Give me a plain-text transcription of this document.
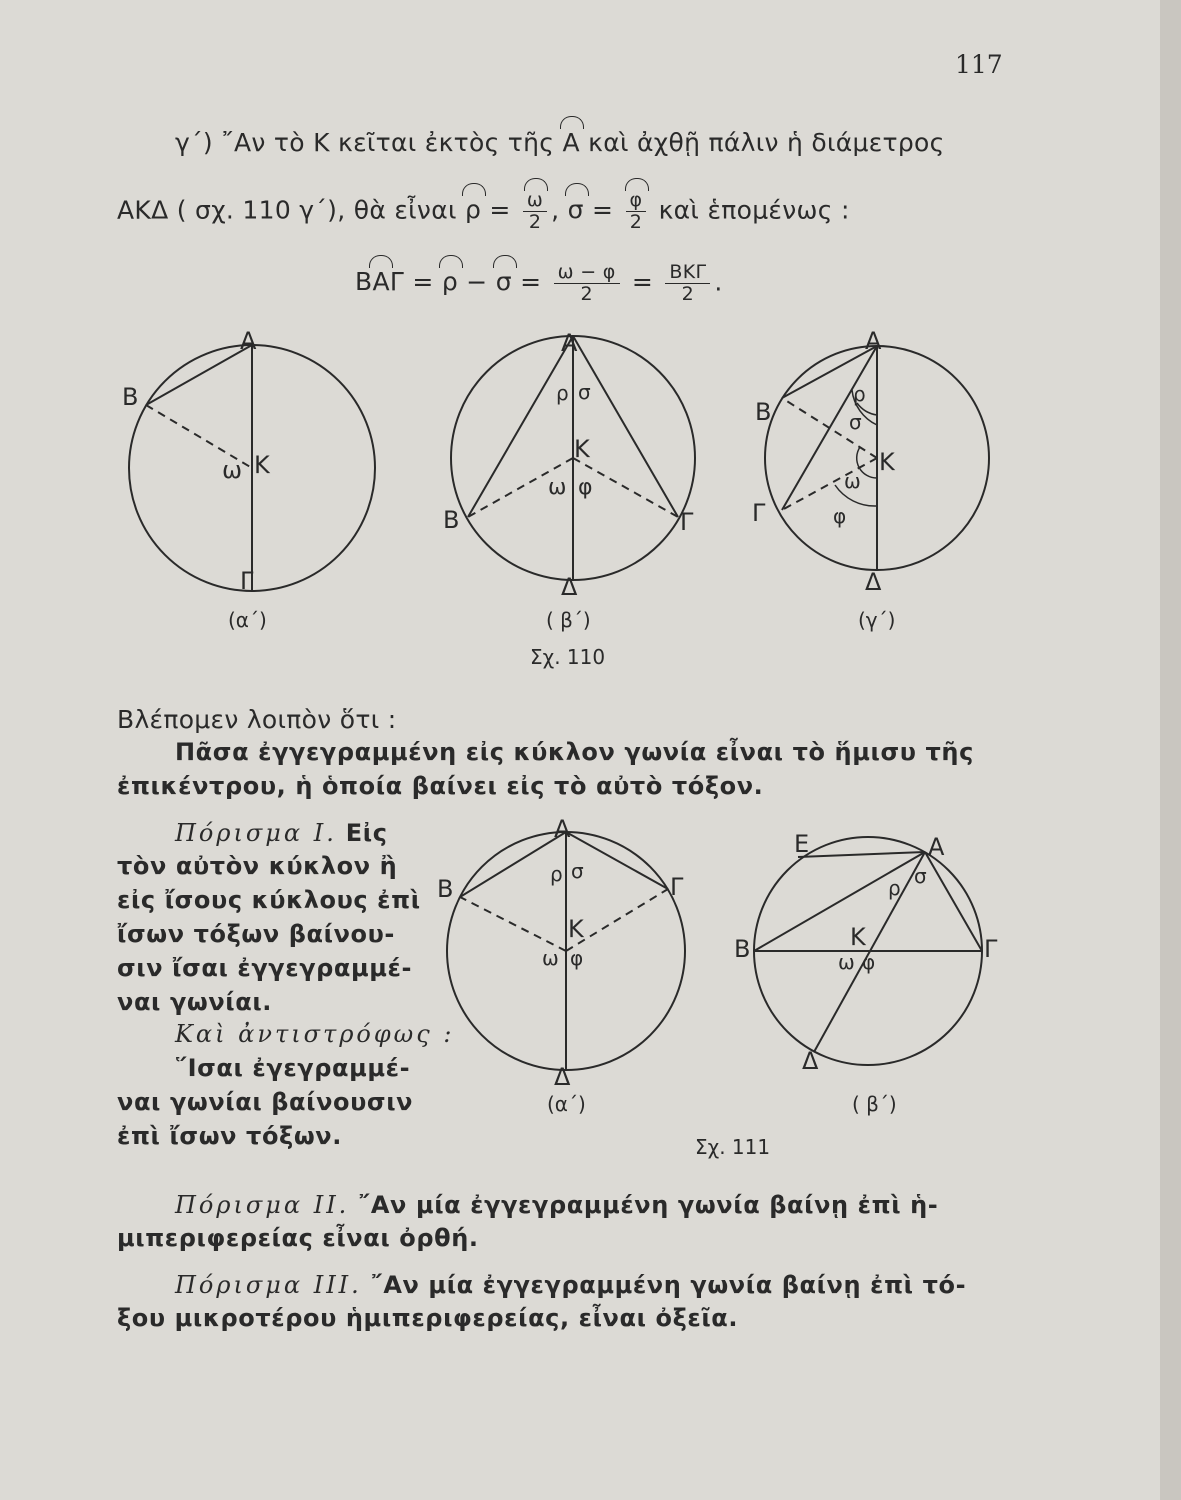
117
γ΄) ῎Αν τὸ Κ κεῖται ἐκτὸς τῆς Α καὶ ἀχθῇ πάλιν ἡ διάμετρος
ΑΚΔ ( σχ. 110 γ΄), θὰ εἶναι $\rho = \frac{\omega}{2}$ , $\sigma = \frac{\varphi}{2}$ καὶ ἑπομένως :
$BA\Gamma = \rho - \sigma = \frac{\omega - \varphi}{2} = \frac{\text{ΒΚΓ}}{2}$ .
Α
Β
Κ
ω
Γ
Α
ρ σ
Κ
ω φ
Β	Γ
Δ
Α
ρ
σ
Β
Κ
ω
Γ	φ
Δ
(α΄)	( β΄)	(γ΄)
Σχ. 110
Βλέπομεν λοιπὸν ὅτι :
Πᾶσα ἐγγεγραμμένη εἰς κύκλον γωνία εἶναι τὸ ἥμισυ τῆς
ἐπικέντρου, ἡ ὁποία βαίνει εἰς τὸ αὐτὸ τόξον.
Πόρισμα Ι. Εἰς
τὸν αὐτὸν κύκλον ἢ
εἰς ἴσους κύκλους ἐπὶ
ἴσων τόξων βαίνου-
σιν ἴσαι ἐγγεγραμμέ-
ναι γωνίαι.
Καὶ ἀντιστρόφως :
῞Ισαι ἐγεγραμμέ-
ναι γωνίαι βαίνουσιν
ἐπὶ ἴσων τόξων.
Α
ρ σ
Β	Γ
Κ
ω φ
Δ
Ε	Α
ρ σ
Κ
Β	Γ
ω φ
Δ
(α΄)	( β΄)
Σχ. 111
Πόρισμα ΙΙ. ῎Αν μία ἐγγεγραμμένη γωνία βαίνῃ ἐπὶ ἡ-
μιπεριφερείας εἶναι ὀρθή.
Πόρισμα ΙΙΙ. ῎Αν μία ἐγγεγραμμένη γωνία βαίνῃ ἐπὶ τό-
ξου μικροτέρου ἡμιπεριφερείας, εἶναι ὀξεῖα.
